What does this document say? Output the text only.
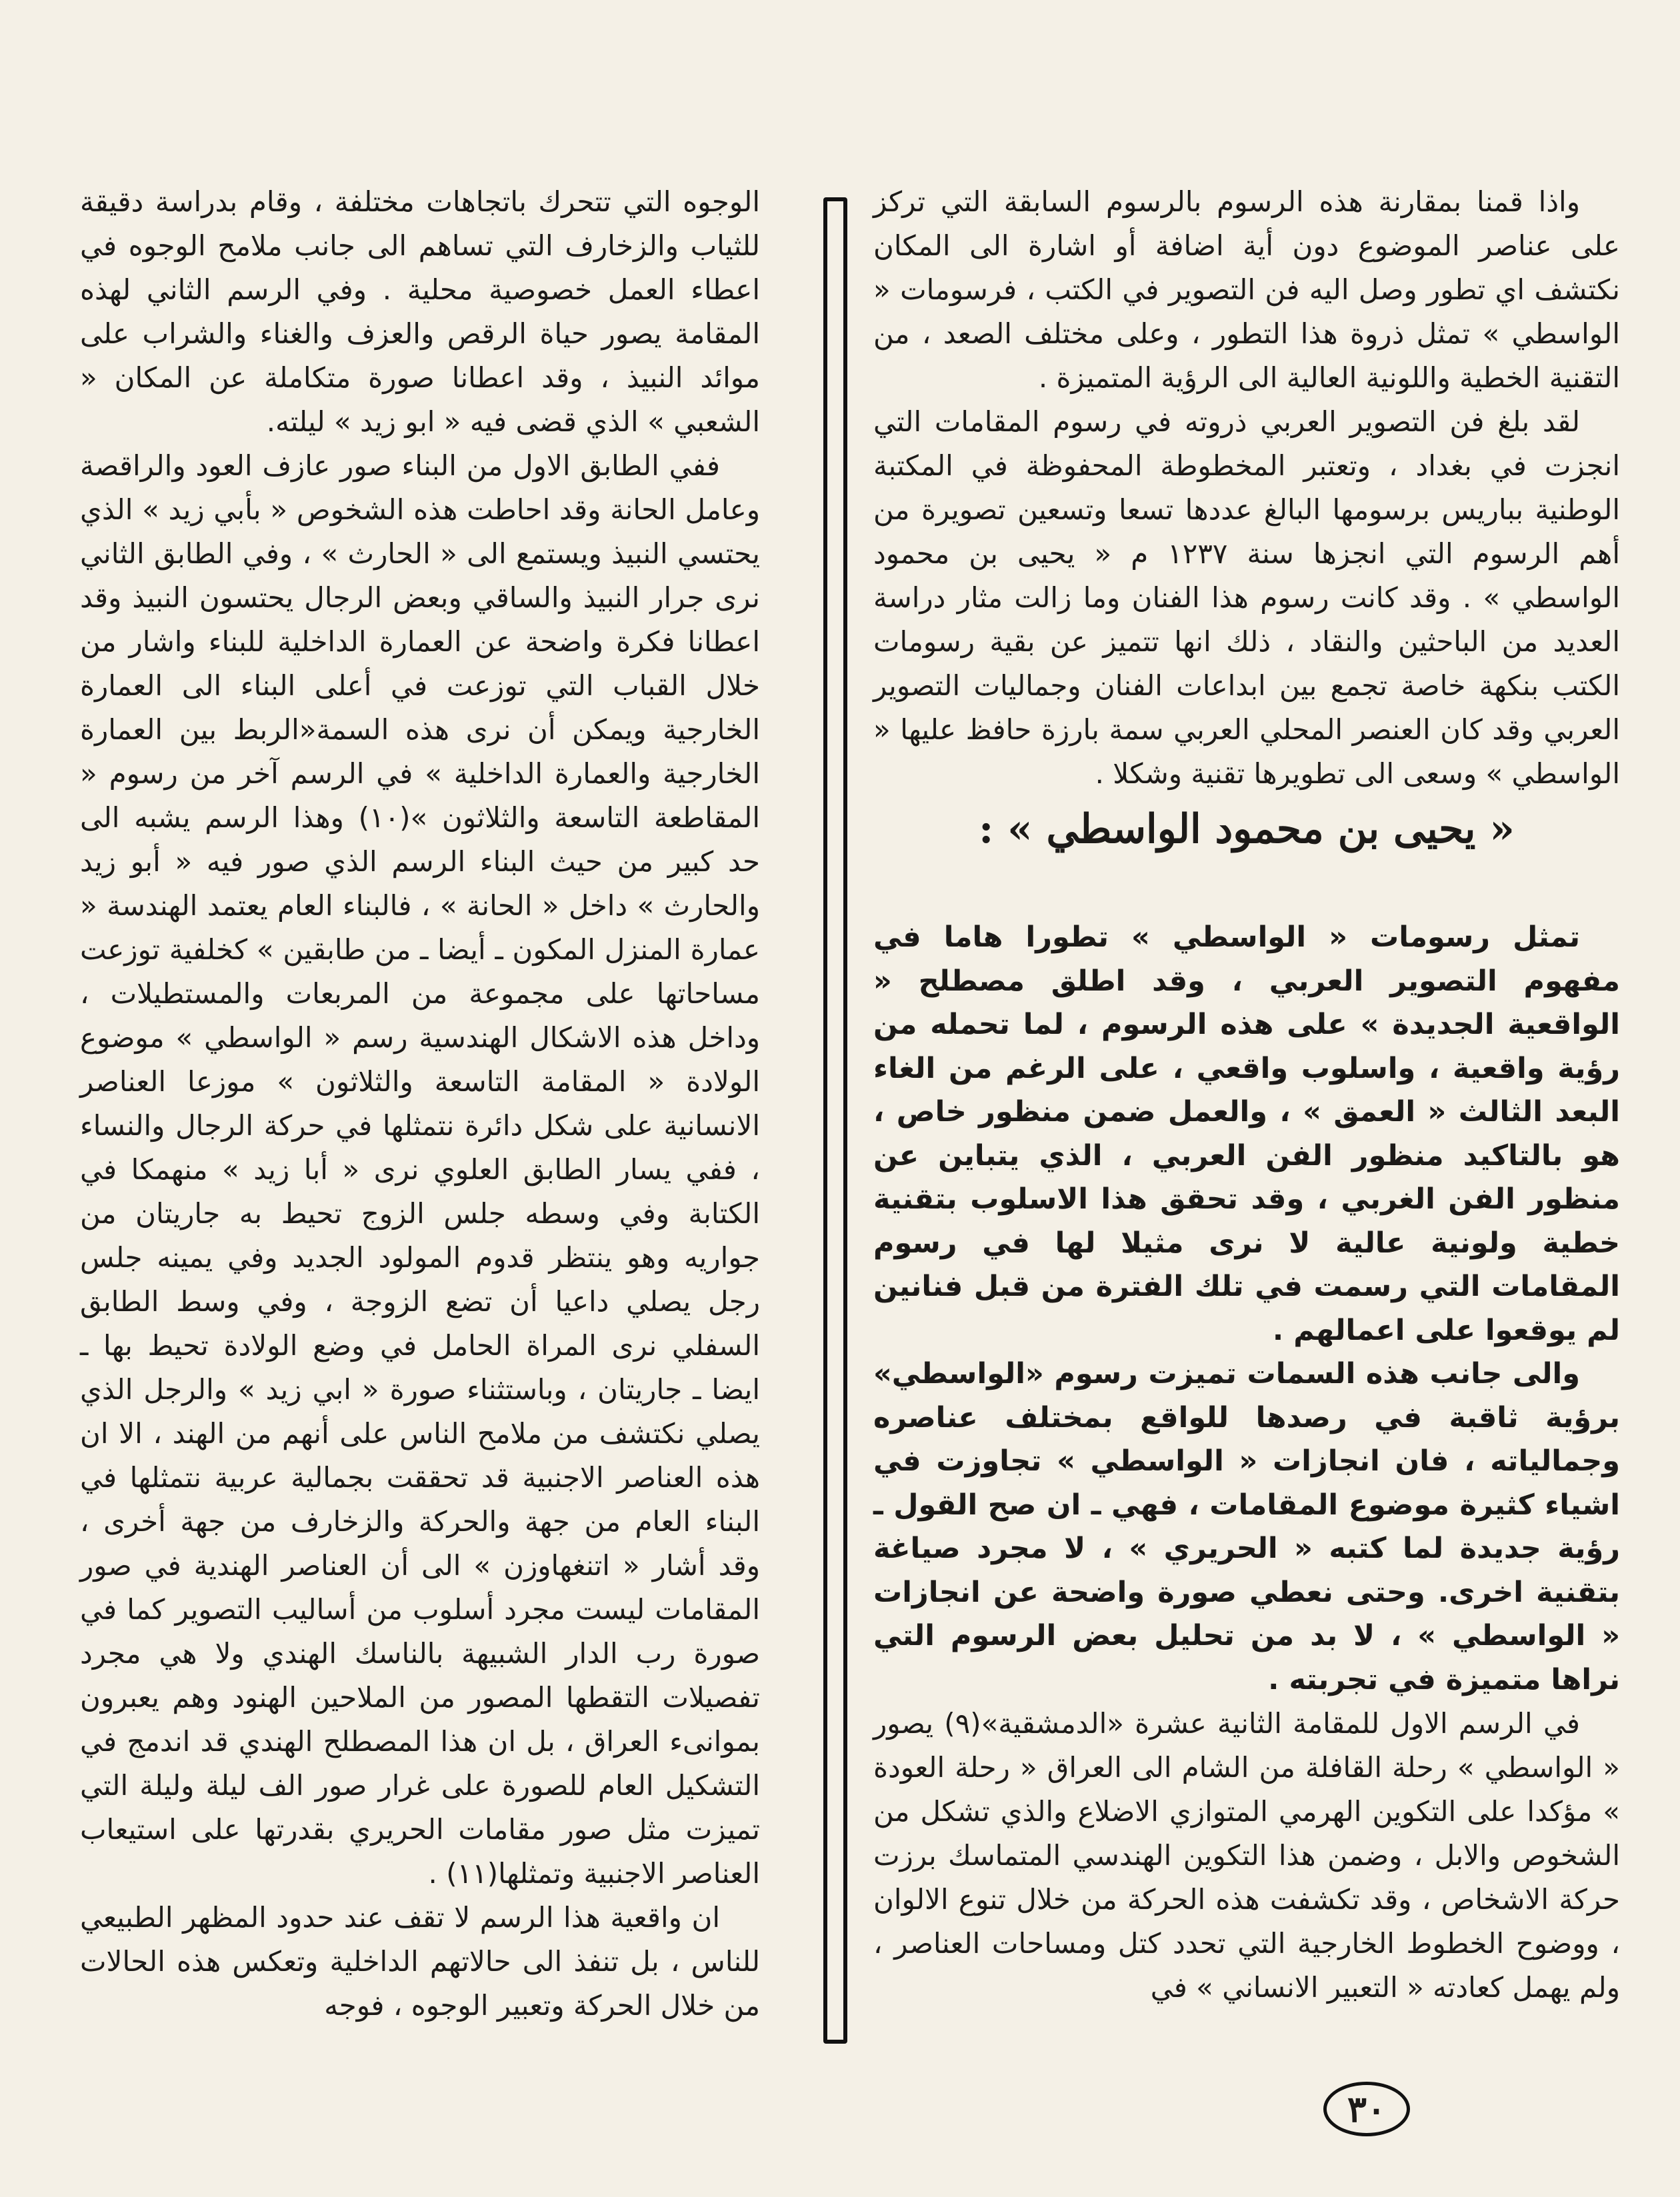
واذا قمنا بمقارنة هذه الرسوم بالرسوم السابقة التي تركز على عناصر الموضوع دون أية اضافة أو اشارة الى المكان نكتشف اي تطور وصل اليه فن التصوير في الكتب ، فرسومات « الواسطي » تمثل ذروة هذا التطور ، وعلى مختلف الصعد ، من التقنية الخطية واللونية العالية الى الرؤية المتميزة .

لقد بلغ فن التصوير العربي ذروته في رسوم المقامات التي انجزت في بغداد ، وتعتبر المخطوطة المحفوظة في المكتبة الوطنية بباريس برسومها البالغ عددها تسعا وتسعين تصويرة من أهم الرسوم التي انجزها سنة ١٢٣٧ م « يحيى بن محمود الواسطي » . وقد كانت رسوم هذا الفنان وما زالت مثار دراسة العديد من الباحثين والنقاد ، ذلك انها تتميز عن بقية رسومات الكتب بنكهة خاصة تجمع بين ابداعات الفنان وجماليات التصوير العربي وقد كان العنصر المحلي العربي سمة بارزة حافظ عليها « الواسطي » وسعى الى تطويرها تقنية وشكلا .

« يحيى بن محمود الواسطي » :

تمثل رسومات « الواسطي » تطورا هاما في مفهوم التصوير العربي ، وقد اطلق مصطلح « الواقعية الجديدة » على هذه الرسوم ، لما تحمله من رؤية واقعية ، واسلوب واقعي ، على الرغم من الغاء البعد الثالث « العمق » ، والعمل ضمن منظور خاص ، هو بالتاكيد منظور الفن العربي ، الذي يتباين عن منظور الفن الغربي ، وقد تحقق هذا الاسلوب بتقنية خطية ولونية عالية لا نرى مثيلا لها في رسوم المقامات التي رسمت في تلك الفترة من قبل فنانين لم يوقعوا على اعمالهم .

والى جانب هذه السمات تميزت رسوم «الواسطي» برؤية ثاقبة في رصدها للواقع بمختلف عناصره وجمالياته ، فان انجازات « الواسطي » تجاوزت في اشياء كثيرة موضوع المقامات ، فهي ـ ان صح القول ـ رؤية جديدة لما كتبه « الحريري » ، لا مجرد صياغة بتقنية اخرى. وحتى نعطي صورة واضحة عن انجازات « الواسطي » ، لا بد من تحليل بعض الرسوم التي نراها متميزة في تجربته .

في الرسم الاول للمقامة الثانية عشرة «الدمشقية»(٩) يصور « الواسطي » رحلة القافلة من الشام الى العراق « رحلة العودة » مؤكدا على التكوين الهرمي المتوازي الاضلاع والذي تشكل من الشخوص والابل ، وضمن هذا التكوين الهندسي المتماسك برزت حركة الاشخاص ، وقد تكشفت هذه الحركة من خلال تنوع الالوان ، ووضوح الخطوط الخارجية التي تحدد كتل ومساحات العناصر ، ولم يهمل كعادته « التعبير الانساني » في

الوجوه التي تتحرك باتجاهات مختلفة ، وقام بدراسة دقيقة للثياب والزخارف التي تساهم الى جانب ملامح الوجوه في اعطاء العمل خصوصية محلية . وفي الرسم الثاني لهذه المقامة يصور حياة الرقص والعزف والغناء والشراب على موائد النبيذ ، وقد اعطانا صورة متكاملة عن المكان « الشعبي » الذي قضى فيه « ابو زيد » ليلته.

ففي الطابق الاول من البناء صور عازف العود والراقصة وعامل الحانة وقد احاطت هذه الشخوص « بأبي زيد » الذي يحتسي النبيذ ويستمع الى « الحارث » ، وفي الطابق الثاني نرى جرار النبيذ والساقي وبعض الرجال يحتسون النبيذ وقد اعطانا فكرة واضحة عن العمارة الداخلية للبناء واشار من خلال القباب التي توزعت في أعلى البناء الى العمارة الخارجية ويمكن أن نرى هذه السمة«الربط بين العمارة الخارجية والعمارة الداخلية » في الرسم آخر من رسوم « المقاطعة التاسعة والثلاثون »(١٠) وهذا الرسم يشبه الى حد كبير من حيث البناء الرسم الذي صور فيه « أبو زيد والحارث » داخل « الحانة » ، فالبناء العام يعتمد الهندسة « عمارة المنزل المكون ـ أيضا ـ من طابقين » كخلفية توزعت مساحاتها على مجموعة من المربعات والمستطيلات ، وداخل هذه الاشكال الهندسية رسم « الواسطي » موضوع الولادة « المقامة التاسعة والثلاثون » موزعا العناصر الانسانية على شكل دائرة نتمثلها في حركة الرجال والنساء ، ففي يسار الطابق العلوي نرى « أبا زيد » منهمكا في الكتابة وفي وسطه جلس الزوج تحيط به جاريتان من جواريه وهو ينتظر قدوم المولود الجديد وفي يمينه جلس رجل يصلي داعيا أن تضع الزوجة ، وفي وسط الطابق السفلي نرى المراة الحامل في وضع الولادة تحيط بها ـ ايضا ـ جاريتان ، وباستثناء صورة « ابي زيد » والرجل الذي يصلي نكتشف من ملامح الناس على أنهم من الهند ، الا ان هذه العناصر الاجنبية قد تحققت بجمالية عربية نتمثلها في البناء العام من جهة والحركة والزخارف من جهة أخرى ، وقد أشار « اتنغهاوزن » الى أن العناصر الهندية في صور المقامات ليست مجرد أسلوب من أساليب التصوير كما في صورة رب الدار الشبيهة بالناسك الهندي ولا هي مجرد تفصيلات التقطها المصور من الملاحين الهنود وهم يعبرون بموانىء العراق ، بل ان هذا المصطلح الهندي قد اندمج في التشكيل العام للصورة على غرار صور الف ليلة وليلة التي تميزت مثل صور مقامات الحريري بقدرتها على استيعاب العناصر الاجنبية وتمثلها(١١) .

ان واقعية هذا الرسم لا تقف عند حدود المظهر الطبيعي للناس ، بل تنفذ الى حالاتهم الداخلية وتعكس هذه الحالات من خلال الحركة وتعبير الوجوه ، فوجه

٣٠
